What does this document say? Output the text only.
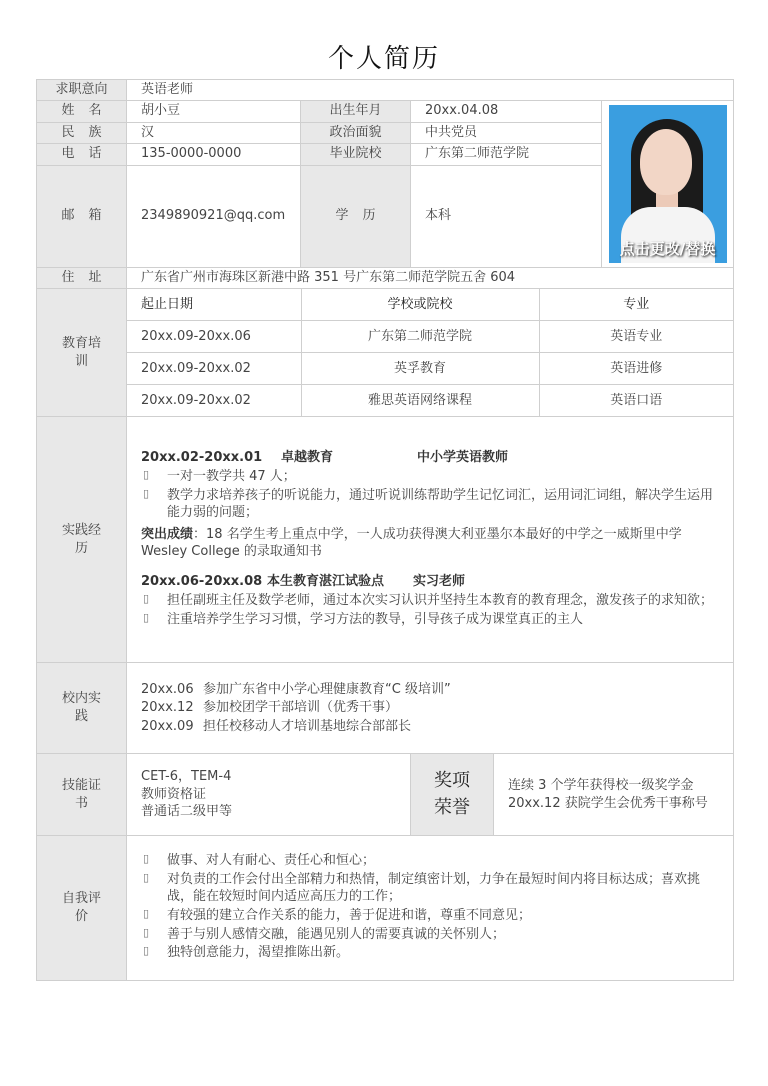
个人简历
求职意向	英语老师
姓名	胡小豆	出生年月	20xx.04.08	
点击更改/替换

民族	汉	政治面貌	中共党员
电话	135-0000-0000	毕业院校	广东第二师范学院
邮箱	2349890921@qq.com	学历	本科

住址	广东省广州市海珠区新港中路 351 号广东第二师范学院五舍 604
教育培训	
起止日期	学校或院校	专业
20xx.09-20xx.06	广东第二师范学院	英语专业
20xx.09-20xx.02	英孚教育	英语进修
20xx.09-20xx.02	雅思英语网络课程	英语口语

实践经历	
20xx.02-20xx.01	卓越教育	中小学英语教师
▯ 一对一教学共 47 人；
▯ 教学力求培养孩子的听说能力，通过听说训练帮助学生记忆词汇，运用词汇词组，解决学生运用能力弱的问题；
突出成绩：18 名学生考上重点中学，一人成功获得澳大利亚墨尔本最好的中学之一威斯里中学 Wesley College 的录取通知书
20xx.06-20xx.08 本生教育湛江试验点	实习老师
▯ 担任副班主任及数学老师，通过本次实习认识并坚持生本教育的教育理念，激发孩子的求知欲；
▯ 注重培养学生学习习惯，学习方法的教导，引导孩子成为课堂真正的主人

校内实践	
20xx.06 参加广东省中小学心理健康教育“C 级培训”
20xx.12 参加校团学干部培训（优秀干事）
20xx.09 担任校移动人才培训基地综合部部长

技能证书	
CET-6，TEM-4
教师资格证
普通话二级甲等

奖项荣誉
连续 3 个学年获得校一级奖学金
20xx.12 获院学生会优秀干事称号

自我评价	
▯ 做事、对人有耐心、责任心和恒心；
▯ 对负责的工作会付出全部精力和热情，制定缜密计划，力争在最短时间内将目标达成；喜欢挑战，能在较短时间内适应高压力的工作；
▯ 有较强的建立合作关系的能力，善于促进和谐，尊重不同意见；
▯ 善于与别人感情交融，能遇见别人的需要真诚的关怀别人；
▯ 独特创意能力，渴望推陈出新。
